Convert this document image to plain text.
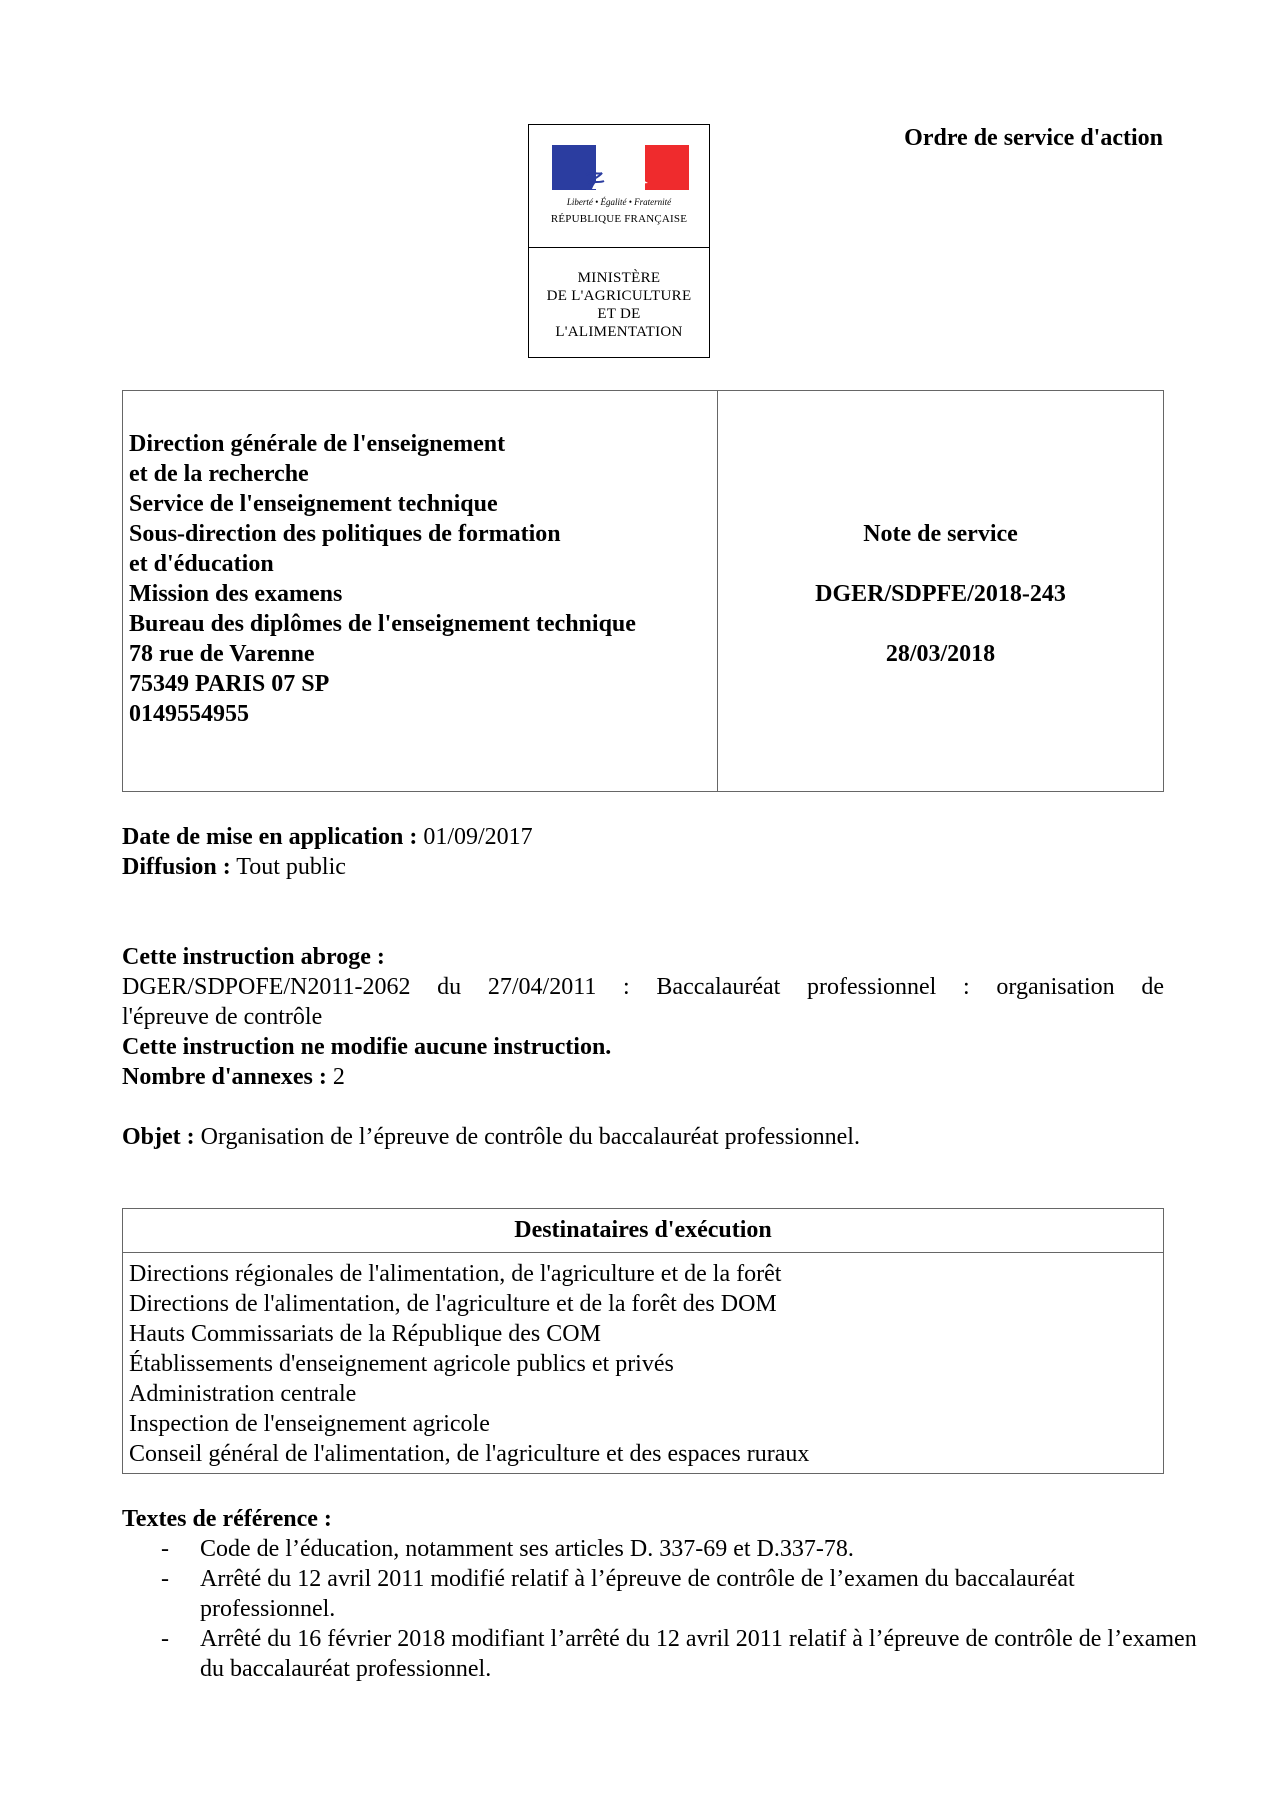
Liberté • Égalité • Fraternité
RÉPUBLIQUE FRANÇAISE
MINISTÈRE
DE L'AGRICULTURE
ET DE
L'ALIMENTATION
Ordre de service d'action
Direction générale de l'enseignement
et de la recherche
Service de l'enseignement technique
Sous-direction des politiques de formation
et d'éducation
Mission des examens
Bureau des diplômes de l'enseignement technique
78 rue de Varenne
75349 PARIS 07 SP
0149554955
Note de service
DGER/SDPFE/2018-243
28/03/2018
Date de mise en application : 01/09/2017
Diffusion : Tout public
Cette instruction abroge :
DGER/SDPOFE/N2011-2062 du 27/04/2011 : Baccalauréat professionnel : organisation de
l'épreuve de contrôle
Cette instruction ne modifie aucune instruction.
Nombre d'annexes : 2
Objet : Organisation de l’épreuve de contrôle du baccalauréat professionnel.
Destinataires d'exécution
Directions régionales de l'alimentation, de l'agriculture et de la forêt
Directions de l'alimentation, de l'agriculture et de la forêt des DOM
Hauts Commissariats de la République des COM
Établissements d'enseignement agricole publics et privés
Administration centrale
Inspection de l'enseignement agricole
Conseil général de l'alimentation, de l'agriculture et des espaces ruraux
Textes de référence :
- Code de l’éducation, notamment ses articles D. 337-69 et D.337-78.
- Arrêté du 12 avril 2011 modifié relatif à l’épreuve de contrôle de l’examen du baccalauréat professionnel.
- Arrêté du 16 février 2018 modifiant l’arrêté du 12 avril 2011 relatif à l’épreuve de contrôle de l’examen du baccalauréat professionnel.
